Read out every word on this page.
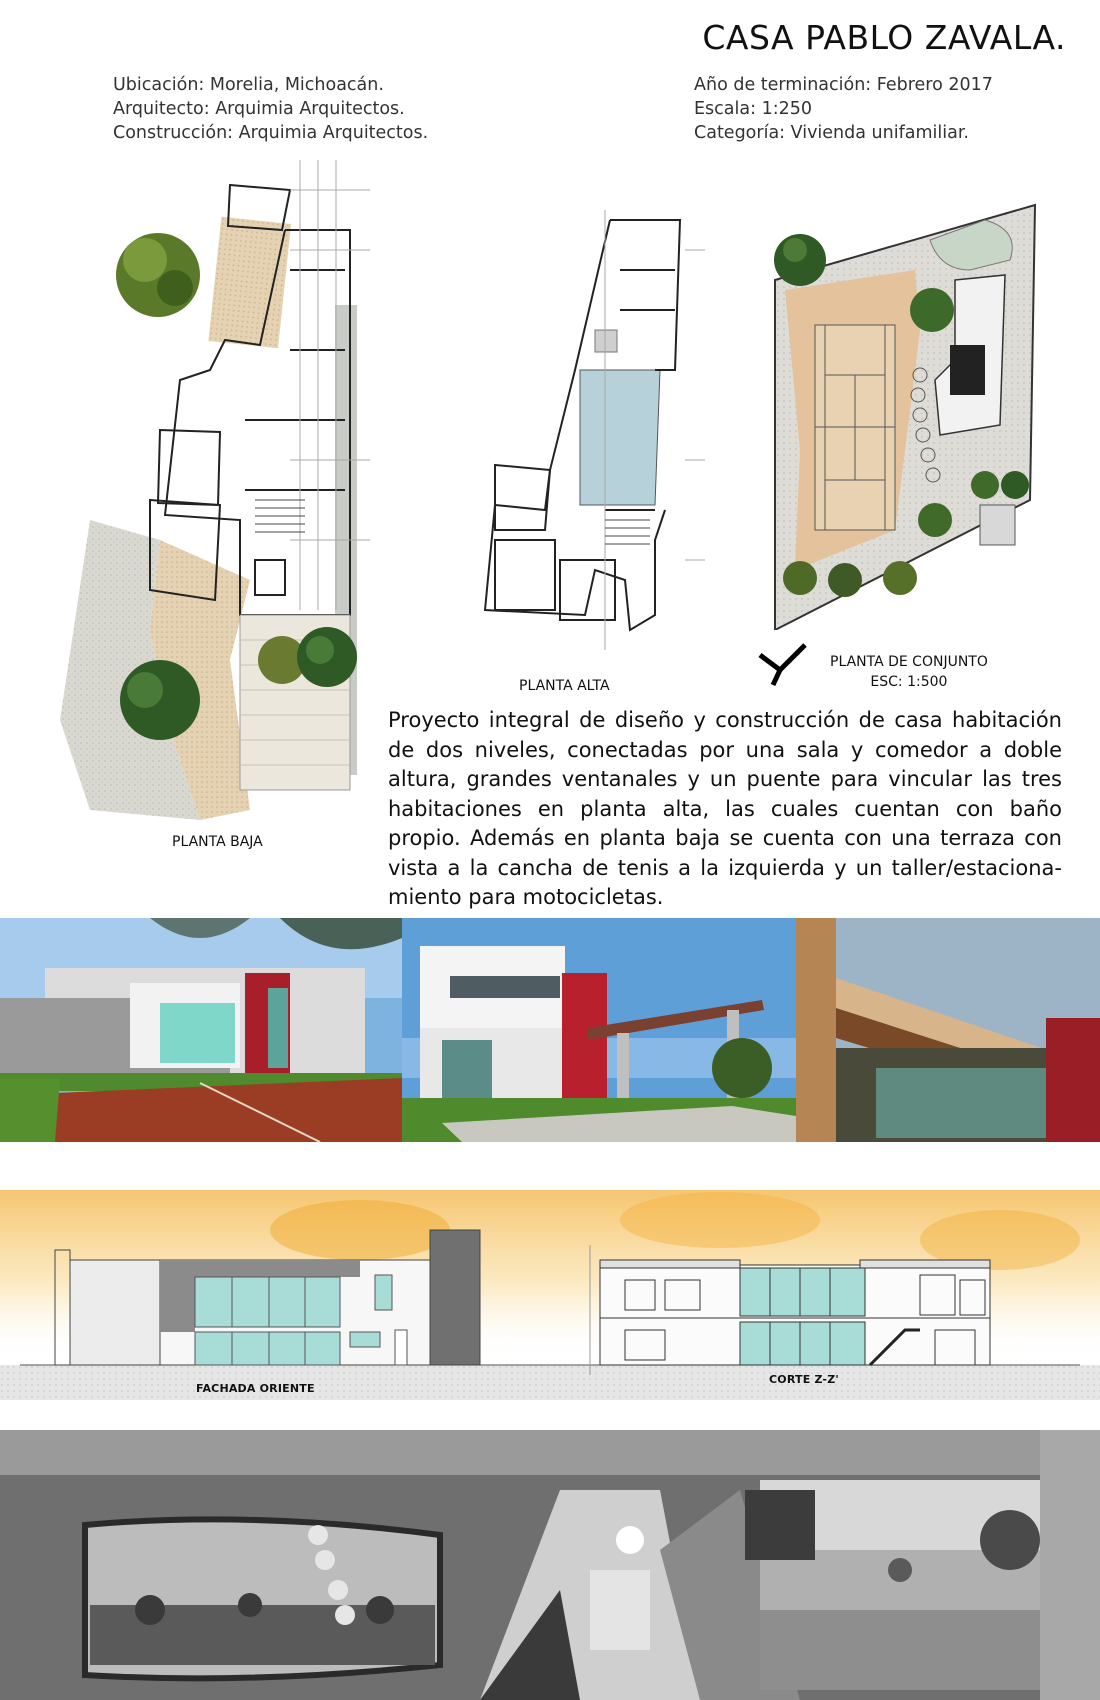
CASA PABLO ZAVALA.
Ubicación: Morelia, Michoacán.
Arquitecto: Arquimia Arquitectos.
Construcción: Arquimia Arquitectos.
Año de terminación: Febrero 2017
Escala: 1:250
Categoría: Vivienda unifamiliar.
PLANTA BAJA
PLANTA ALTA
PLANTA DE CONJUNTO
ESC: 1:500
Proyecto integral de diseño y construcción de casa habitación de dos niveles, conectadas por una sala y comedor a doble altura, grandes ventanales y un puente para vincular las tres habitaciones en planta alta, las cuales cuentan con baño propio. Además en planta baja se cuenta con una terraza con vista a la cancha de tenis a la izquierda y un taller/estaciona-miento para motocicletas.
FACHADA ORIENTE
CORTE Z-Z'
